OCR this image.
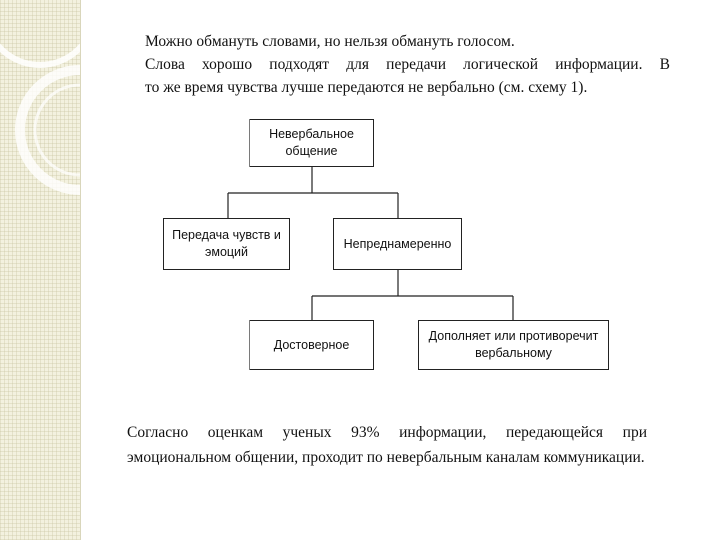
Можно обмануть словами, но нельзя обмануть голосом.
Слова хорошо подходят для передачи логической информации. В
то же время чувства лучше передаются не вербально (см. схему 1).

Невербальное общение
Передача чувств и эмоций
Непреднамеренно
Достоверное
Дополняет или противоречит вербальному

Согласно оценкам ученых 93% информации, передающейся при эмоциональном общении, проходит по невербальным каналам коммуникации.
